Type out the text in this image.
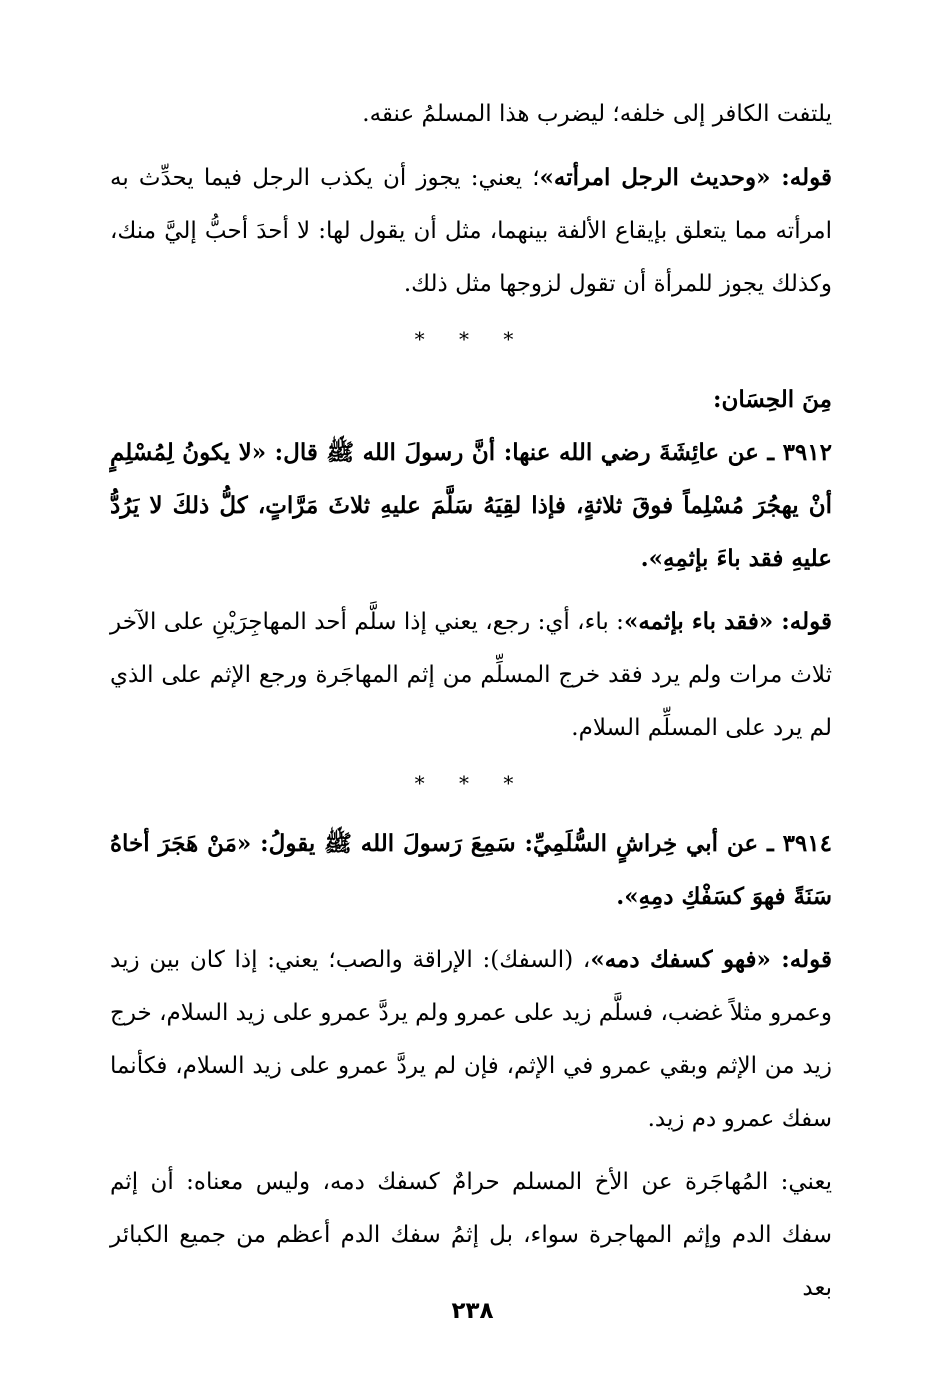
يلتفت الكافر إلى خلفه؛ ليضرب هذا المسلمُ عنقه.

قوله: «وحديث الرجل امرأته»؛ يعني: يجوز أن يكذب الرجل فيما يحدِّث به امرأته مما يتعلق بإيقاع الألفة بينهما، مثل أن يقول لها: لا أحدَ أحبُّ إليَّ منك، وكذلك يجوز للمرأة أن تقول لزوجها مثل ذلك.

* * *

مِنَ الحِسَان:

٣٩١٢ ـ عن عائِشَةَ رضي الله عنها: أنَّ رسولَ الله ﷺ قال: «لا يكونُ لِمُسْلِمٍ أنْ يهجُرَ مُسْلِماً فوقَ ثلاثةٍ، فإذا لقِيَهُ سَلَّمَ عليهِ ثلاثَ مَرَّاتٍ، كلُّ ذلكَ لا يَرُدُّ عليهِ فقد باءَ بإثمِهِ».

قوله: «فقد باء بإثمه»: باء، أي: رجع، يعني إذا سلَّم أحد المهاجِرَيْنِ على الآخر ثلاث مرات ولم يرد فقد خرج المسلِّم من إثم المهاجَرة ورجع الإثم على الذي لم يرد على المسلِّم السلام.

* * *

٣٩١٤ ـ عن أبي خِراشٍ السُّلَمِيِّ: سَمِعَ رَسولَ الله ﷺ يقولُ: «مَنْ هَجَرَ أخاهُ سَنَةً فهوَ كسَفْكِ دمِهِ».

قوله: «فهو كسفك دمه»، (السفك): الإراقة والصب؛ يعني: إذا كان بين زيد وعمرو مثلاً غضب، فسلَّم زيد على عمرو ولم يردَّ عمرو على زيد السلام، خرج زيد من الإثم وبقي عمرو في الإثم، فإن لم يردَّ عمرو على زيد السلام، فكأنما سفك عمرو دم زيد.

يعني: المُهاجَرة عن الأخ المسلم حرامٌ كسفك دمه، وليس معناه: أن إثم سفك الدم وإثم المهاجرة سواء، بل إثمُ سفك الدم أعظم من جميع الكبائر بعد

٢٣٨
